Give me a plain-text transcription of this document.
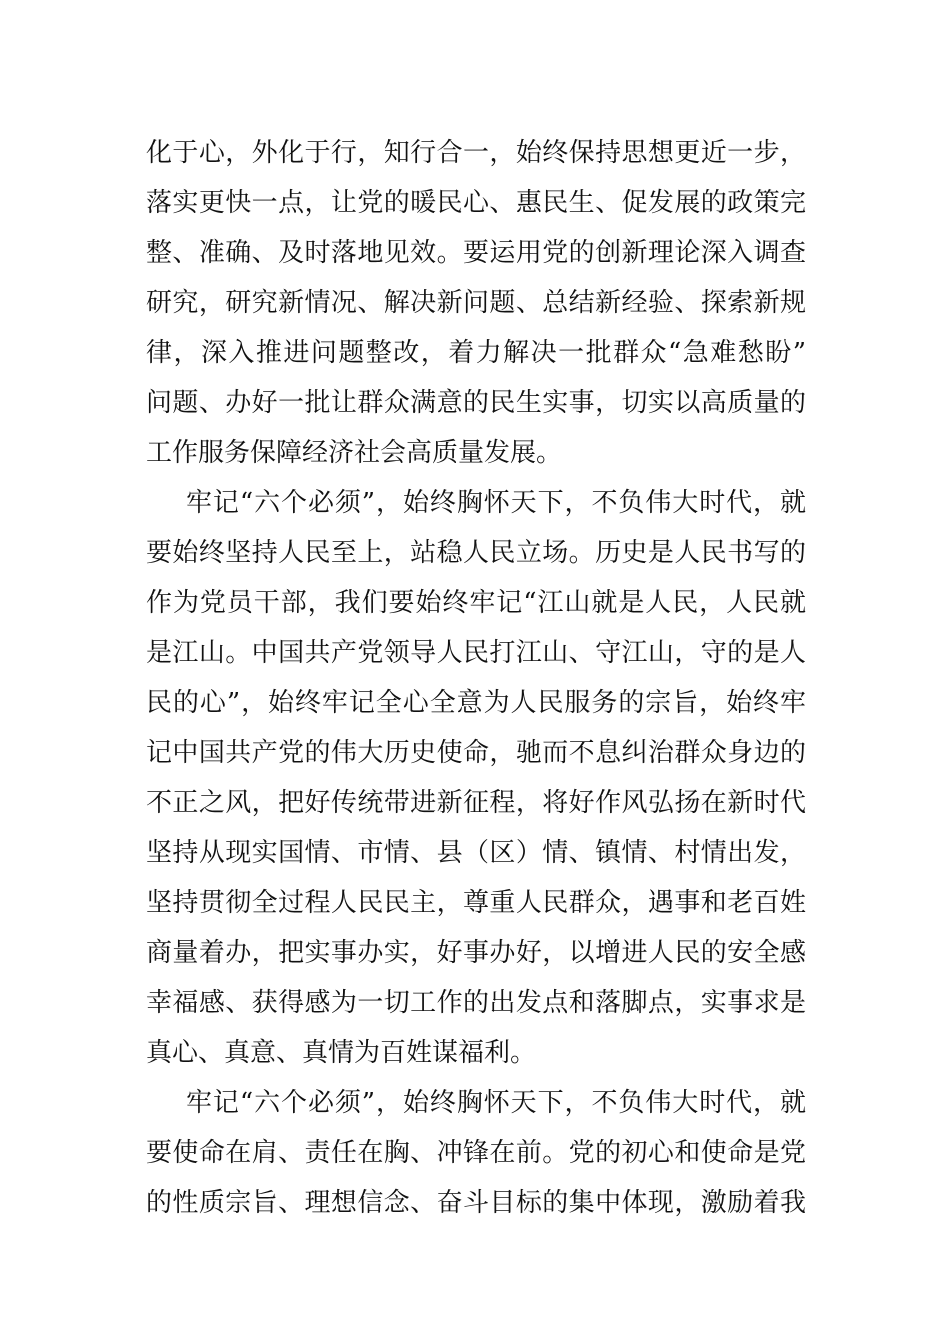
化于心，外化于行，知行合一，始终保持思想更近一步，
落实更快一点，让党的暖民心、惠民生、促发展的政策完
整、准确、及时落地见效。要运用党的创新理论深入调查
研究，研究新情况、解决新问题、总结新经验、探索新规
律，深入推进问题整改，着力解决一批群众“急难愁盼”
问题、办好一批让群众满意的民生实事，切实以高质量的
工作服务保障经济社会高质量发展。
牢记“六个必须”，始终胸怀天下，不负伟大时代，就
要始终坚持人民至上，站稳人民立场。历史是人民书写的
作为党员干部，我们要始终牢记“江山就是人民，人民就
是江山。中国共产党领导人民打江山、守江山，守的是人
民的心”，始终牢记全心全意为人民服务的宗旨，始终牢
记中国共产党的伟大历史使命，驰而不息纠治群众身边的
不正之风，把好传统带进新征程，将好作风弘扬在新时代
坚持从现实国情、市情、县（区）情、镇情、村情出发，
坚持贯彻全过程人民民主，尊重人民群众，遇事和老百姓
商量着办，把实事办实，好事办好，以增进人民的安全感
幸福感、获得感为一切工作的出发点和落脚点，实事求是
真心、真意、真情为百姓谋福利。
牢记“六个必须”，始终胸怀天下，不负伟大时代，就
要使命在肩、责任在胸、冲锋在前。党的初心和使命是党
的性质宗旨、理想信念、奋斗目标的集中体现，激励着我
